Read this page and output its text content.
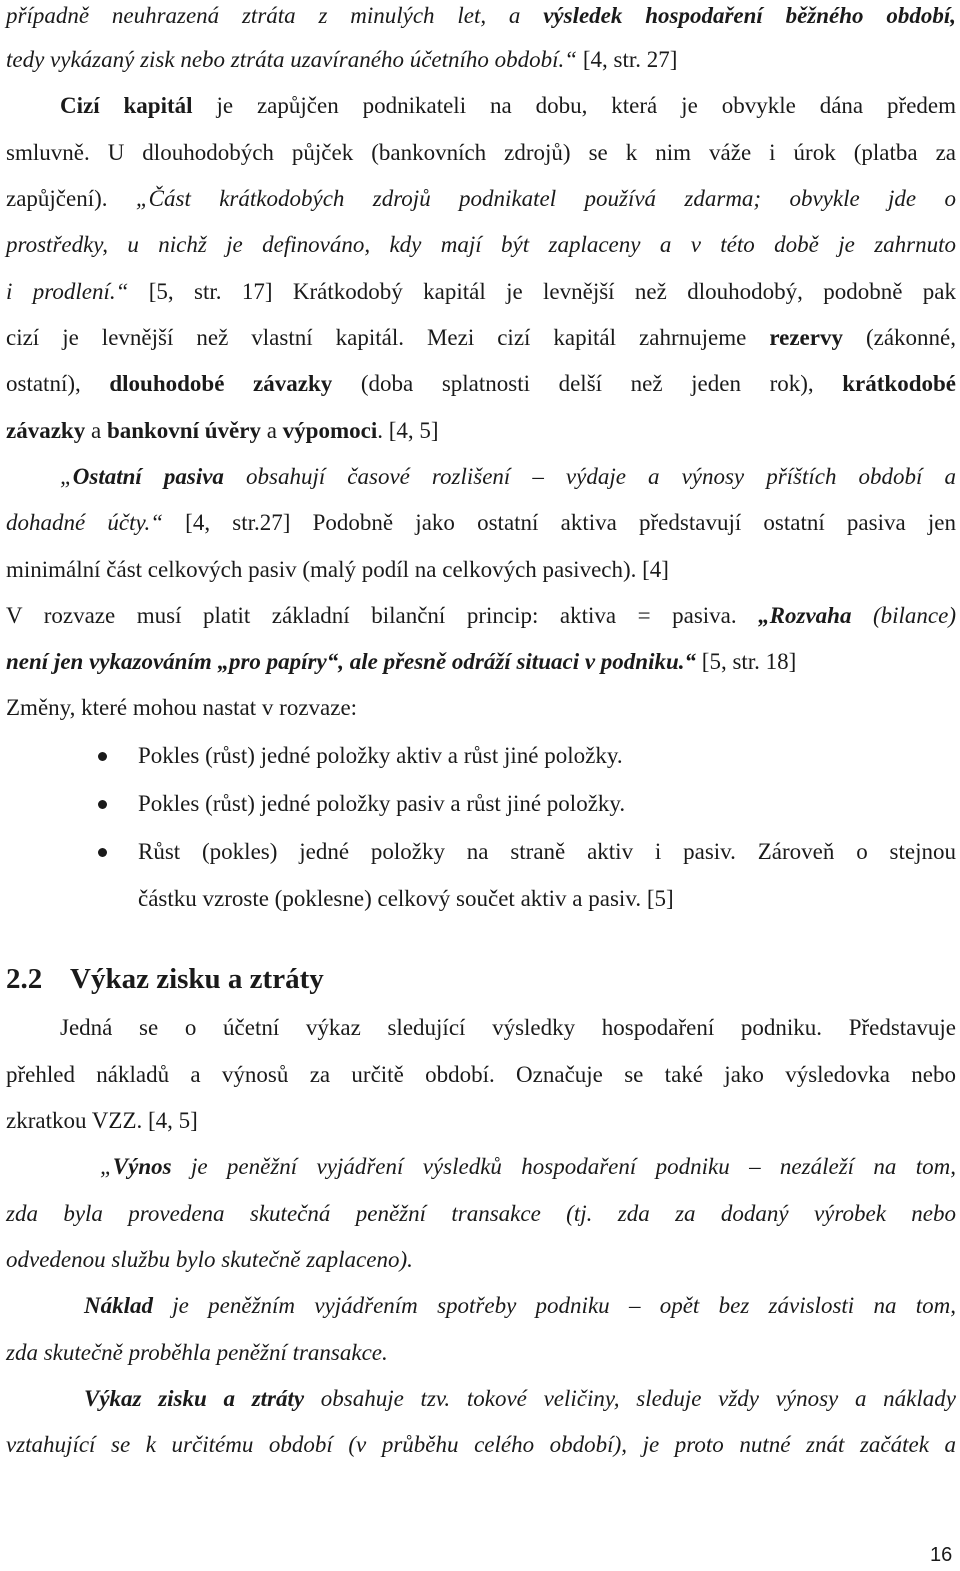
2.2 Výkaz zisku a ztráty
16
případně neuhrazená ztráta z minulých let, a výsledek hospodaření běžného období,
tedy vykázaný zisk nebo ztráta uzavíraného účetního období.“ [4, str. 27]
Cizí kapitál je zapůjčen podnikateli na dobu, která je obvykle dána předem
smluvně. U dlouhodobých půjček (bankovních zdrojů) se k nim váže i úrok (platba za
zapůjčení). „Část krátkodobých zdrojů podnikatel používá zdarma; obvykle jde o
prostředky, u nichž je definováno, kdy mají být zaplaceny a v této době je zahrnuto
i prodlení.“ [5, str. 17] Krátkodobý kapitál je levnější než dlouhodobý, podobně pak
cizí je levnější než vlastní kapitál. Mezi cizí kapitál zahrnujeme rezervy (zákonné,
ostatní), dlouhodobé závazky (doba splatnosti delší než jeden rok), krátkodobé
závazky a bankovní úvěry a výpomoci. [4, 5]
„Ostatní pasiva obsahují časové rozlišení – výdaje a výnosy příštích období a
dohadné účty.“ [4, str.27] Podobně jako ostatní aktiva představují ostatní pasiva jen
minimální část celkových pasiv (malý podíl na celkových pasivech). [4]
V rozvaze musí platit základní bilanční princip: aktiva = pasiva. „Rozvaha (bilance)
není jen vykazováním „pro papíry“, ale přesně odráží situaci v podniku.“ [5, str. 18]
Změny, které mohou nastat v rozvaze:
Pokles (růst) jedné položky aktiv a růst jiné položky.
Pokles (růst) jedné položky pasiv a růst jiné položky.
Růst (pokles) jedné položky na straně aktiv i pasiv. Zároveň o stejnou
částku vzroste (poklesne) celkový součet aktiv a pasiv. [5]
Jedná se o účetní výkaz sledující výsledky hospodaření podniku. Představuje
přehled nákladů a výnosů za určitě období. Označuje se také jako výsledovka nebo
zkratkou VZZ. [4, 5]
„Výnos je peněžní vyjádření výsledků hospodaření podniku – nezáleží na tom,
zda byla provedena skutečná peněžní transakce (tj. zda za dodaný výrobek nebo
odvedenou službu bylo skutečně zaplaceno).
Náklad je peněžním vyjádřením spotřeby podniku – opět bez závislosti na tom,
zda skutečně proběhla peněžní transakce.
Výkaz zisku a ztráty obsahuje tzv. tokové veličiny, sleduje vždy výnosy a náklady
vztahující se k určitému období (v průběhu celého období), je proto nutné znát začátek a
